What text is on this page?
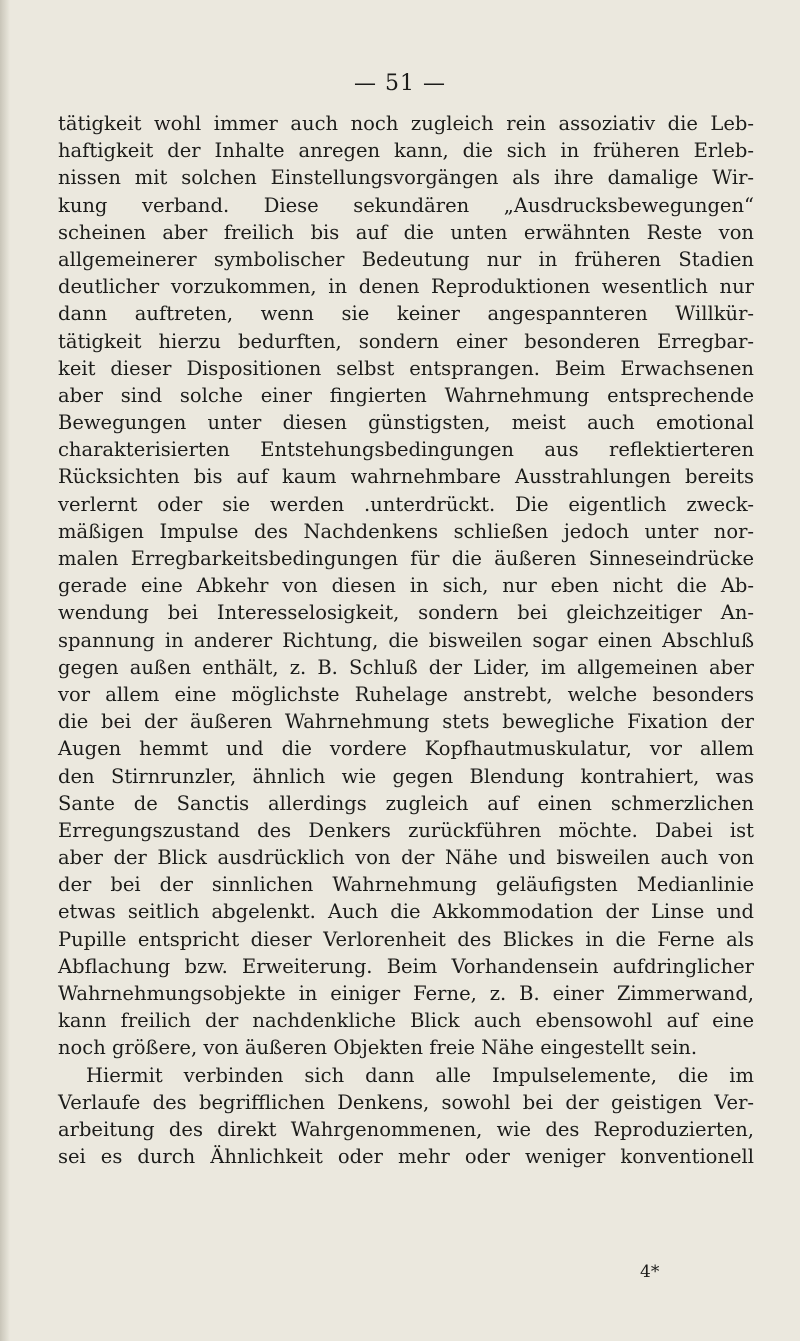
— 51 —
tätigkeit wohl immer auch noch zugleich rein assoziativ die Leb-
haftigkeit der Inhalte anregen kann, die sich in früheren Erleb-
nissen mit solchen Einstellungsvorgängen als ihre damalige Wir-
kung verband. Diese sekundären „Ausdrucksbewegungen“
scheinen aber freilich bis auf die unten erwähnten Reste von
allgemeinerer symbolischer Bedeutung nur in früheren Stadien
deutlicher vorzukommen, in denen Reproduktionen wesentlich nur
dann auftreten, wenn sie keiner angespannteren Willkür-
tätigkeit hierzu bedurften, sondern einer besonderen Erregbar-
keit dieser Dispositionen selbst entsprangen. Beim Erwachsenen
aber sind solche einer fingierten Wahrnehmung entsprechende
Bewegungen unter diesen günstigsten, meist auch emotional
charakterisierten Entstehungsbedingungen aus reflektierteren
Rücksichten bis auf kaum wahrnehmbare Ausstrahlungen bereits
verlernt oder sie werden .unterdrückt. Die eigentlich zweck-
mäßigen Impulse des Nachdenkens schließen jedoch unter nor-
malen Erregbarkeitsbedingungen für die äußeren Sinneseindrücke
gerade eine Abkehr von diesen in sich, nur eben nicht die Ab-
wendung bei Interesselosigkeit, sondern bei gleichzeitiger An-
spannung in anderer Richtung, die bisweilen sogar einen Abschluß
gegen außen enthält, z. B. Schluß der Lider, im allgemeinen aber
vor allem eine möglichste Ruhelage anstrebt, welche besonders
die bei der äußeren Wahrnehmung stets bewegliche Fixation der
Augen hemmt und die vordere Kopfhautmuskulatur, vor allem
den Stirnrunzler, ähnlich wie gegen Blendung kontrahiert, was
Sante de Sanctis allerdings zugleich auf einen schmerzlichen
Erregungszustand des Denkers zurückführen möchte. Dabei ist
aber der Blick ausdrücklich von der Nähe und bisweilen auch von
der bei der sinnlichen Wahrnehmung geläufigsten Medianlinie
etwas seitlich abgelenkt. Auch die Akkommodation der Linse und
Pupille entspricht dieser Verlorenheit des Blickes in die Ferne als
Abflachung bzw. Erweiterung. Beim Vorhandensein aufdringlicher
Wahrnehmungsobjekte in einiger Ferne, z. B. einer Zimmerwand,
kann freilich der nachdenkliche Blick auch ebensowohl auf eine
noch größere, von äußeren Objekten freie Nähe eingestellt sein.
Hiermit verbinden sich dann alle Impulselemente, die im
Verlaufe des begrifflichen Denkens, sowohl bei der geistigen Ver-
arbeitung des direkt Wahrgenommenen, wie des Reproduzierten,
sei es durch Ähnlichkeit oder mehr oder weniger konventionell
4*
